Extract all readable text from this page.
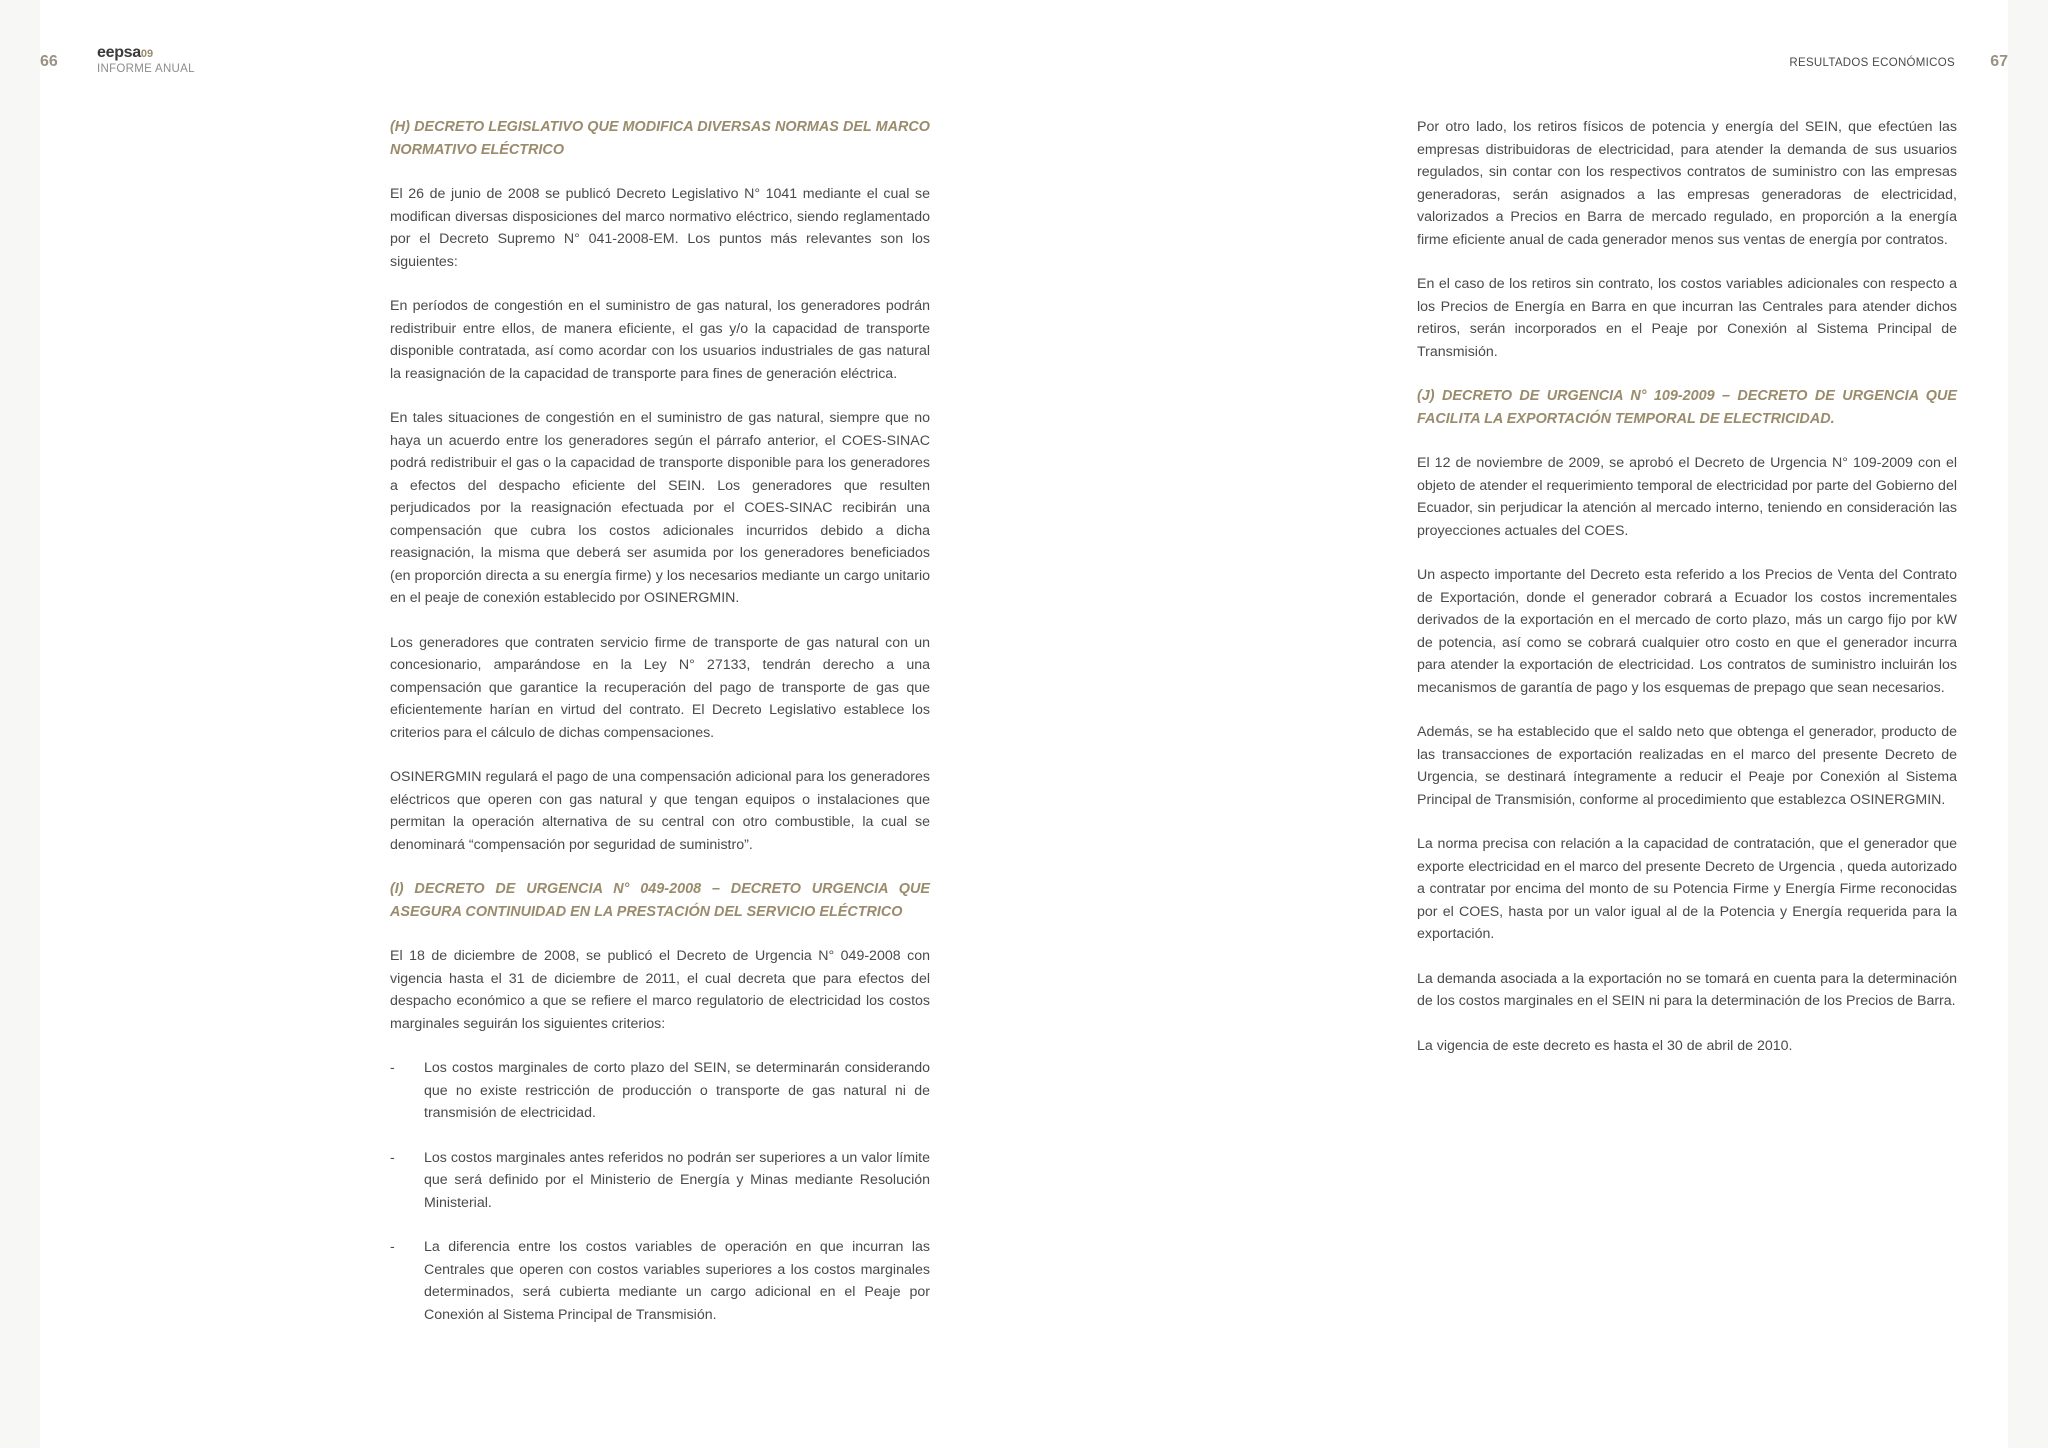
66
eepsa09
INFORME ANUAL	RESULTADOS ECONÓMICOS 67
(H) DECRETO LEGISLATIVO QUE MODIFICA DIVERSAS NORMAS DEL MARCO NORMATIVO ELÉCTRICO

El 26 de junio de 2008 se publicó Decreto Legislativo N° 1041 mediante el cual se modifican diversas disposiciones del marco normativo eléctrico, siendo reglamentado por el Decreto Supremo N° 041-2008-EM. Los puntos más relevantes son los siguientes:

En períodos de congestión en el suministro de gas natural, los generadores podrán redistribuir entre ellos, de manera eficiente, el gas y/o la capacidad de transporte disponible contratada, así como acordar con los usuarios industriales de gas natural la reasignación de la capacidad de transporte para fines de generación eléctrica.

En tales situaciones de congestión en el suministro de gas natural, siempre que no haya un acuerdo entre los generadores según el párrafo anterior, el COES-SINAC podrá redistribuir el gas o la capacidad de transporte disponible para los generadores a efectos del despacho eficiente del SEIN. Los generadores que resulten perjudicados por la reasignación efectuada por el COES-SINAC recibirán una compensación que cubra los costos adicionales incurridos debido a dicha reasignación, la misma que deberá ser asumida por los generadores beneficiados (en proporción directa a su energía firme) y los necesarios mediante un cargo unitario en el peaje de conexión establecido por OSINERGMIN.

Los generadores que contraten servicio firme de transporte de gas natural con un concesionario, amparándose en la Ley N° 27133, tendrán derecho a una compensación que garantice la recuperación del pago de transporte de gas que eficientemente harían en virtud del contrato. El Decreto Legislativo establece los criterios para el cálculo de dichas compensaciones.

OSINERGMIN regulará el pago de una compensación adicional para los generadores eléctricos que operen con gas natural y que tengan equipos o instalaciones que permitan la operación alternativa de su central con otro combustible, la cual se denominará “compensación por seguridad de suministro”.

(I) DECRETO DE URGENCIA N° 049-2008 – DECRETO URGENCIA QUE ASEGURA CONTINUIDAD EN LA PRESTACIÓN DEL SERVICIO ELÉCTRICO

El 18 de diciembre de 2008, se publicó el Decreto de Urgencia N° 049-2008 con vigencia hasta el 31 de diciembre de 2011, el cual decreta que para efectos del despacho económico a que se refiere el marco regulatorio de electricidad los costos marginales seguirán los siguientes criterios:

- Los costos marginales de corto plazo del SEIN, se determinarán considerando que no existe restricción de producción o transporte de gas natural ni de transmisión de electricidad.
- Los costos marginales antes referidos no podrán ser superiores a un valor límite que será definido por el Ministerio de Energía y Minas mediante Resolución Ministerial.
- La diferencia entre los costos variables de operación en que incurran las Centrales que operen con costos variables superiores a los costos marginales determinados, será cubierta mediante un cargo adicional en el Peaje por Conexión al Sistema Principal de Transmisión.

Por otro lado, los retiros físicos de potencia y energía del SEIN, que efectúen las empresas distribuidoras de electricidad, para atender la demanda de sus usuarios regulados, sin contar con los respectivos contratos de suministro con las empresas generadoras, serán asignados a las empresas generadoras de electricidad, valorizados a Precios en Barra de mercado regulado, en proporción a la energía firme eficiente anual de cada generador menos sus ventas de energía por contratos.

En el caso de los retiros sin contrato, los costos variables adicionales con respecto a los Precios de Energía en Barra en que incurran las Centrales para atender dichos retiros, serán incorporados en el Peaje por Conexión al Sistema Principal de Transmisión.

(J) DECRETO DE URGENCIA N° 109-2009 – DECRETO DE URGENCIA QUE FACILITA LA EXPORTACIÓN TEMPORAL DE ELECTRICIDAD.

El 12 de noviembre de 2009, se aprobó el Decreto de Urgencia N° 109-2009 con el objeto de atender el requerimiento temporal de electricidad por parte del Gobierno del Ecuador, sin perjudicar la atención al mercado interno, teniendo en consideración las proyecciones actuales del COES.

Un aspecto importante del Decreto esta referido a los Precios de Venta del Contrato de Exportación, donde el generador cobrará a Ecuador los costos incrementales derivados de la exportación en el mercado de corto plazo, más un cargo fijo por kW de potencia, así como se cobrará cualquier otro costo en que el generador incurra para atender la exportación de electricidad. Los contratos de suministro incluirán los mecanismos de garantía de pago y los esquemas de prepago que sean necesarios.

Además, se ha establecido que el saldo neto que obtenga el generador, producto de las transacciones de exportación realizadas en el marco del presente Decreto de Urgencia, se destinará íntegramente a reducir el Peaje por Conexión al Sistema Principal de Transmisión, conforme al procedimiento que establezca OSINERGMIN.

La norma precisa con relación a la capacidad de contratación, que el generador que exporte electricidad en el marco del presente Decreto de Urgencia , queda autorizado a contratar por encima del monto de su Potencia Firme y Energía Firme reconocidas por el COES, hasta por un valor igual al de la Potencia y Energía requerida para la exportación.

La demanda asociada a la exportación no se tomará en cuenta para la determinación de los costos marginales en el SEIN ni para la determinación de los Precios de Barra.

La vigencia de este decreto es hasta el 30 de abril de 2010.
